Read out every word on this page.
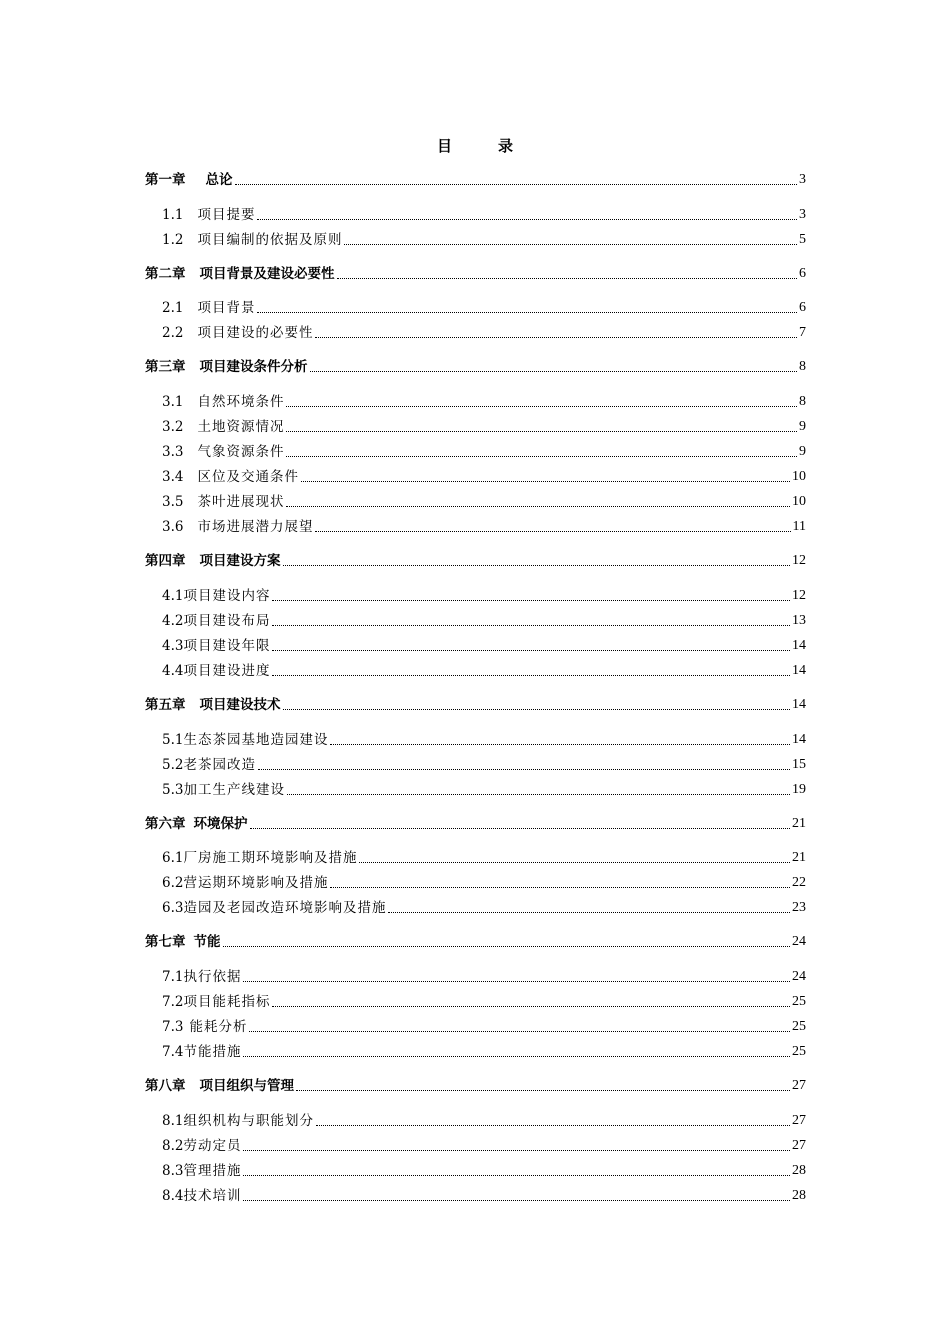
目	录
第一章	总论	3
1.1	项目提要	3
1.2	项目编制的依据及原则	5
第二章	项目背景及建设必要性	6
2.1	项目背景	6
2.2	项目建设的必要性	7
第三章	项目建设条件分析	8
3.1	自然环境条件	8
3.2	土地资源情况	9
3.3	气象资源条件	9
3.4	区位及交通条件	10
3.5	茶叶进展现状	10
3.6	市场进展潜力展望	11
第四章	项目建设方案	12
4.1 项目建设内容	12
4.2 项目建设布局	13
4.3 项目建设年限	14
4.4 项目建设进度	14
第五章	项目建设技术	14
5.1 生态茶园基地造园建设	14
5.2 老茶园改造	15
5.3 加工生产线建设	19
第六章 环境保护	21
6.1 厂房施工期环境影响及措施	21
6.2 营运期环境影响及措施	22
6.3 造园及老园改造环境影响及措施	23
第七章 节能	24
7.1 执行依据	24
7.2 项目能耗指标	25
7.3 能耗分析	25
7.4 节能措施	25
第八章	项目组织与管理	27
8.1 组织机构与职能划分	27
8.2 劳动定员	27
8.3 管理措施	28
8.4 技术培训	28
